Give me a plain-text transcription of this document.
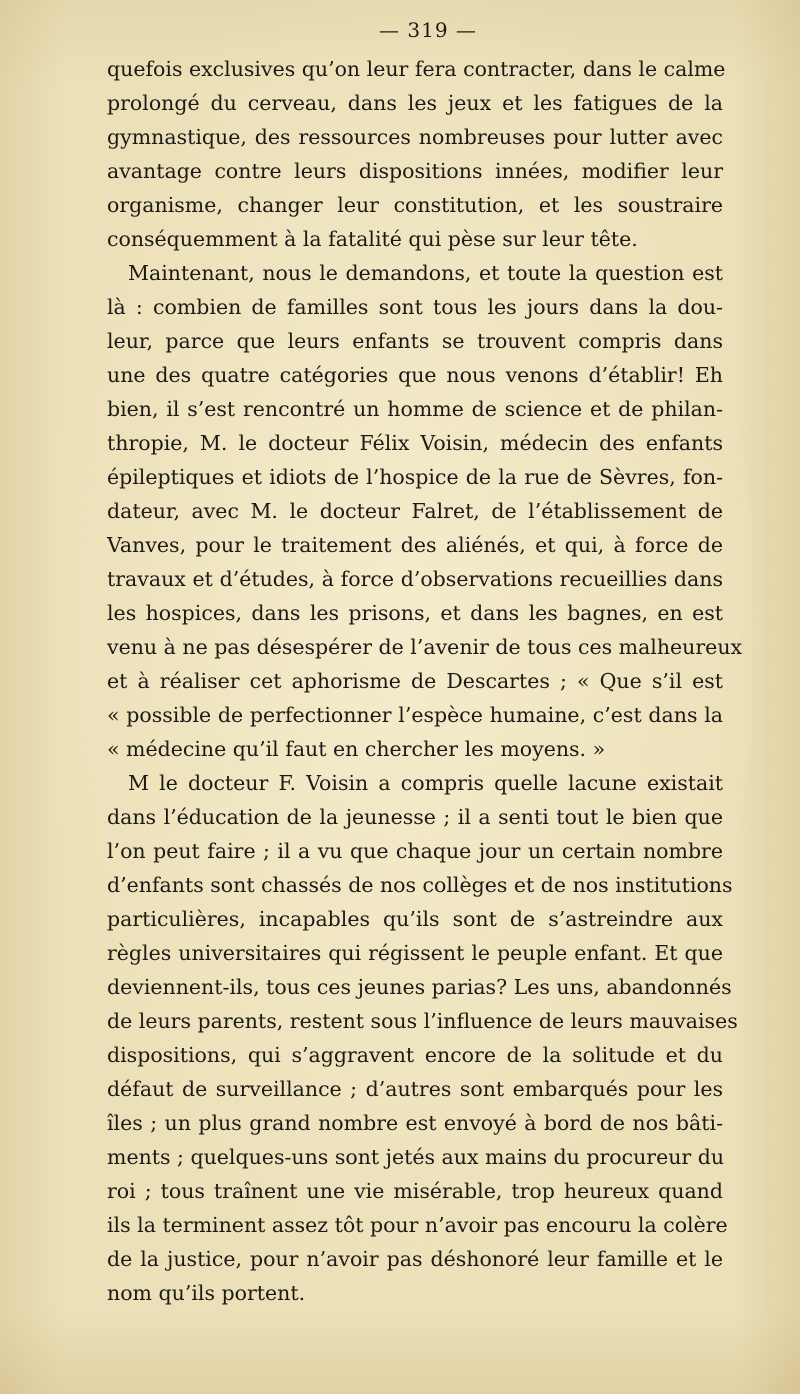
— 319 —
quefois exclusives qu’on leur fera contracter, dans le calme
prolongé du cerveau, dans les jeux et les fatigues de la
gymnastique, des ressources nombreuses pour lutter avec
avantage contre leurs dispositions innées, modifier leur
organisme, changer leur constitution, et les soustraire
conséquemment à la fatalité qui pèse sur leur tête.
Maintenant, nous le demandons, et toute la question est
là : combien de familles sont tous les jours dans la dou-
leur, parce que leurs enfants se trouvent compris dans
une des quatre catégories que nous venons d’établir! Eh
bien, il s’est rencontré un homme de science et de philan-
thropie, M. le docteur Félix Voisin, médecin des enfants
épileptiques et idiots de l’hospice de la rue de Sèvres, fon-
dateur, avec M. le docteur Falret, de l’établissement de
Vanves, pour le traitement des aliénés, et qui, à force de
travaux et d’études, à force d’observations recueillies dans
les hospices, dans les prisons, et dans les bagnes, en est
venu à ne pas désespérer de l’avenir de tous ces malheureux
et à réaliser cet aphorisme de Descartes ; « Que s’il est
« possible de perfectionner l’espèce humaine, c’est dans la
« médecine qu’il faut en chercher les moyens. »
M le docteur F. Voisin a compris quelle lacune existait
dans l’éducation de la jeunesse ; il a senti tout le bien que
l’on peut faire ; il a vu que chaque jour un certain nombre
d’enfants sont chassés de nos collèges et de nos institutions
particulières, incapables qu’ils sont de s’astreindre aux
règles universitaires qui régissent le peuple enfant. Et que
deviennent-ils, tous ces jeunes parias? Les uns, abandonnés
de leurs parents, restent sous l’influence de leurs mauvaises
dispositions, qui s’aggravent encore de la solitude et du
défaut de surveillance ; d’autres sont embarqués pour les
îles ; un plus grand nombre est envoyé à bord de nos bâti-
ments ; quelques-uns sont jetés aux mains du procureur du
roi ; tous traînent une vie misérable, trop heureux quand
ils la terminent assez tôt pour n’avoir pas encouru la colère
de la justice, pour n’avoir pas déshonoré leur famille et le
nom qu’ils portent.
